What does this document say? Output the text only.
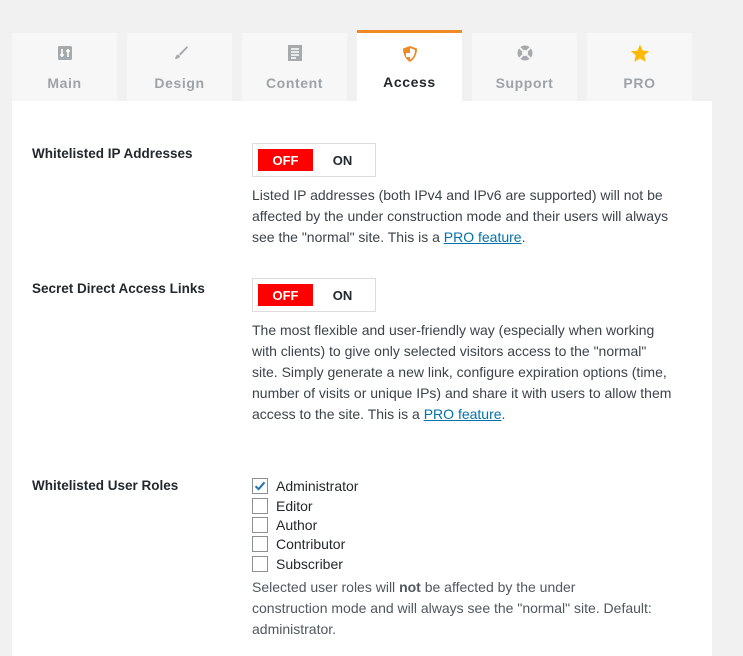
Main	Design	Content	Access	Support	PRO
Whitelisted IP Addresses	OFF	ON
Listed IP addresses (both IPv4 and IPv6 are supported) will not be affected by the under construction mode and their users will always see the "normal" site. This is a PRO feature.
Secret Direct Access Links	OFF	ON
The most flexible and user-friendly way (especially when working with clients) to give only selected visitors access to the "normal" site. Simply generate a new link, configure expiration options (time, number of visits or unique IPs) and share it with users to allow them access to the site. This is a PRO feature.
Whitelisted User Roles	Administrator
Editor
Author
Contributor
Subscriber
Selected user roles will not be affected by the under construction mode and will always see the "normal" site. Default: administrator.
